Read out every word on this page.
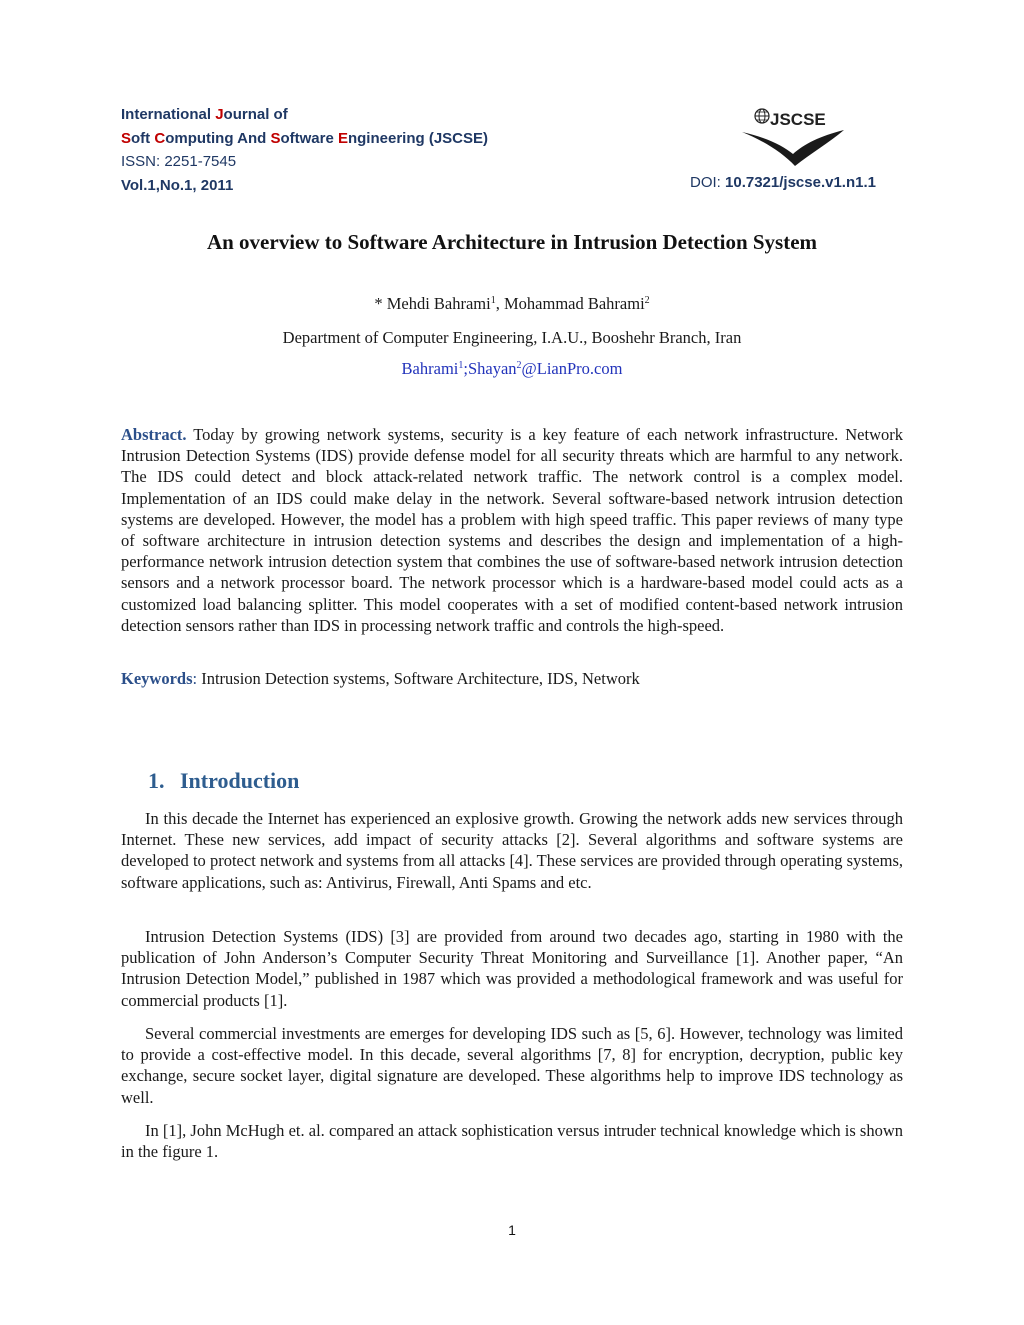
International Journal of
Soft Computing And Software Engineering (JSCSE)
ISSN: 2251-7545
Vol.1,No.1, 2011	DOI: 10.7321/jscse.v1.n1.1
JSCSE
An overview to Software Architecture in Intrusion Detection System
* Mehdi Bahrami$^1$, Mohammad Bahrami$^2$
Department of Computer Engineering, I.A.U., Booshehr Branch, Iran
Bahrami$^1$;Shayan$^2$@LianPro.com

Abstract. Today by growing network systems, security is a key feature of each network infrastructure. Network Intrusion Detection Systems (IDS) provide defense model for all security threats which are harmful to any network. The IDS could detect and block attack-related network traffic. The network control is a complex model. Implementation of an IDS could make delay in the network. Several software-based network intrusion detection systems are developed. However, the model has a problem with high speed traffic. This paper reviews of many type of software architecture in intrusion detection systems and describes the design and implementation of a high-performance network intrusion detection system that combines the use of software-based network intrusion detection sensors and a network processor board. The network processor which is a hardware-based model could acts as a customized load balancing splitter. This model cooperates with a set of modified content-based network intrusion detection sensors rather than IDS in processing network traffic and controls the high-speed.

Keywords: Intrusion Detection systems, Software Architecture, IDS, Network

1. Introduction

In this decade the Internet has experienced an explosive growth. Growing the network adds new services through Internet. These new services, add impact of security attacks [2]. Several algorithms and software systems are developed to protect network and systems from all attacks [4]. These services are provided through operating systems, software applications, such as: Antivirus, Firewall, Anti Spams and etc.

Intrusion Detection Systems (IDS) [3] are provided from around two decades ago, starting in 1980 with the publication of John Anderson’s Computer Security Threat Monitoring and Surveillance [1]. Another paper, “An Intrusion Detection Model,” published in 1987 which was provided a methodological framework and was useful for commercial products [1].

Several commercial investments are emerges for developing IDS such as [5, 6]. However, technology was limited to provide a cost-effective model. In this decade, several algorithms [7, 8] for encryption, decryption, public key exchange, secure socket layer, digital signature are developed. These algorithms help to improve IDS technology as well.

In [1], John McHugh et. al. compared an attack sophistication versus intruder technical knowledge which is shown in the figure 1.

1
